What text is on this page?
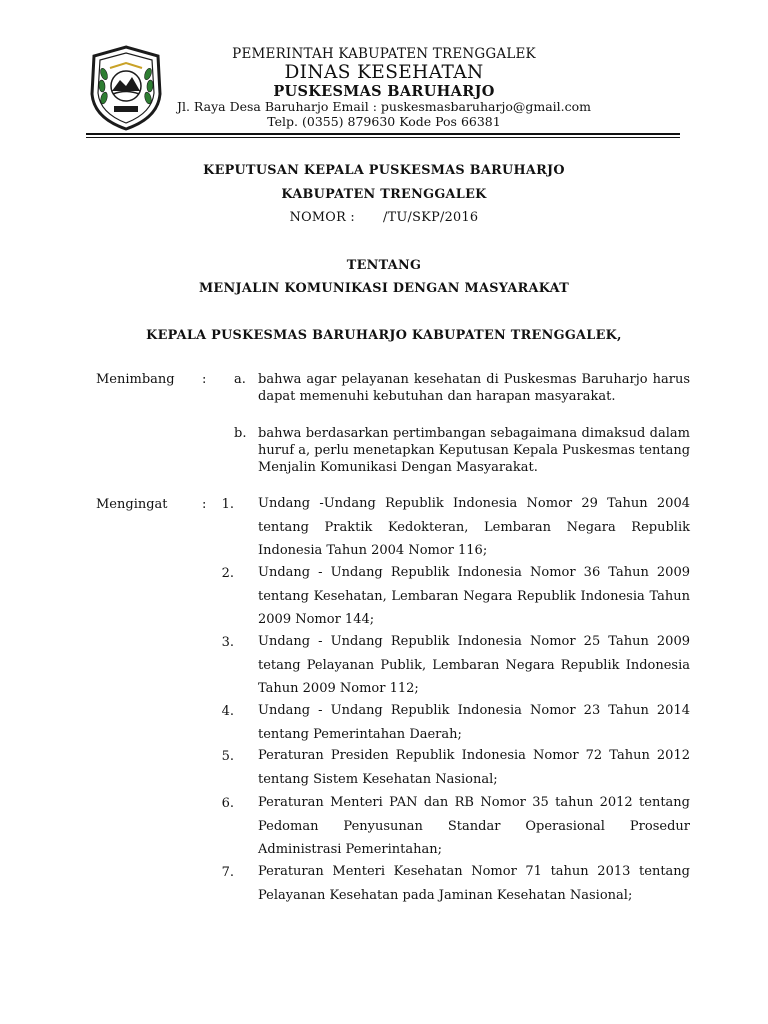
PEMERINTAH KABUPATEN TRENGGALEK
DINAS KESEHATAN
PUSKESMAS BARUHARJO
Jl. Raya Desa Baruharjo Email : puskesmasbaruharjo@gmail.com
Telp. (0355) 879630 Kode Pos 66381
KEPUTUSAN KEPALA PUSKESMAS BARUHARJO
KABUPATEN TRENGGALEK
NOMOR : /TU/SKP/2016
TENTANG
MENJALIN KOMUNIKASI DENGAN MASYARAKAT
KEPALA PUSKESMAS BARUHARJO KABUPATEN TRENGGALEK,
Menimbang : a. bahwa agar pelayanan kesehatan di Puskesmas Baruharjo harus dapat memenuhi kebutuhan dan harapan masyarakat.
b. bahwa berdasarkan pertimbangan sebagaimana dimaksud dalam huruf a, perlu menetapkan Keputusan Kepala Puskesmas tentang Menjalin Komunikasi Dengan Masyarakat.
Mengingat	:	1. Undang -Undang Republik Indonesia Nomor 29 Tahun 2004 tentang Praktik Kedokteran, Lembaran Negara Republik Indonesia Tahun 2004 Nomor 116;
2. Undang - Undang Republik Indonesia Nomor 36 Tahun 2009 tentang Kesehatan, Lembaran Negara Republik Indonesia Tahun 2009 Nomor 144;
3. Undang - Undang Republik Indonesia Nomor 25 Tahun 2009 tetang Pelayanan Publik, Lembaran Negara Republik Indonesia Tahun 2009 Nomor 112;
4. Undang - Undang Republik Indonesia Nomor 23 Tahun 2014 tentang Pemerintahan Daerah;
5. Peraturan Presiden Republik Indonesia Nomor 72 Tahun 2012 tentang Sistem Kesehatan Nasional;
6. Peraturan Menteri PAN dan RB Nomor 35 tahun 2012 tentang Pedoman Penyusunan Standar Operasional Prosedur Administrasi Pemerintahan;
7. Peraturan Menteri Kesehatan Nomor 71 tahun 2013 tentang Pelayanan Kesehatan pada Jaminan Kesehatan Nasional;
